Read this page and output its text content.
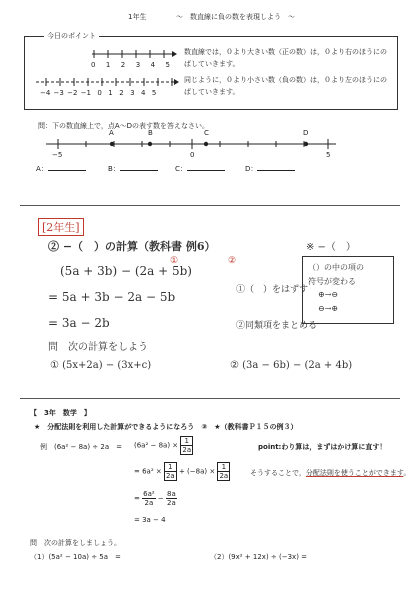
1年生	～　数直線に負の数を表現しよう　～
今日のポイント
0  1  2  3  4  5
−4 −3 −2 −1  0  1  2  3  4  5
数直線では，０より大きい数（正の数）は，０より右のほうにのばしていきます。
同じように，０より小さい数（負の数）は，０より左のほうにのばしていきます。
問：下の数直線上で，点A～Dの表す数を答えなさい。
A	B	C	D
−5	0	5
A：	B：	C：	D：
[2年生]
② −（　）の計算（教科書 例6）
①	②
(5a + 3b) − (2a + 5b)
= 5a + 3b − 2a − 5b
= 3a − 2b
①（　）をはずす
②同類項をまとめる
※ −（　）
（）の中の項の
符号が変わる
⊕→⊖
⊖→⊕
問　次の計算をしよう
① (5x+2a) − (3x+c)	② (3a − 6b) − (2a + 4b)
【　3年　数学　】
★　分配法則を利用した計算ができるようになろう　③　★（教科書Ｐ１５の例３）
例　(6a² − 8a) ÷ 2a　= $(6a^2 - 8a) \times \frac{1}{2a}$	point:わり算は，まずはかけ算に直す！
= $6a^2 \times \frac{1}{2a} + (-8a) \times \frac{1}{2a}$	そうすることで，分配法則を使うことができます。
= $\frac{\text{6a²}}{2a} - \frac{8a}{2a}$
= 3a − 4
問　次の計算をしましょう。
（1）(5a² − 10a) ÷ 5a　=	（2）(9x² + 12x) ÷ (−3x) =
